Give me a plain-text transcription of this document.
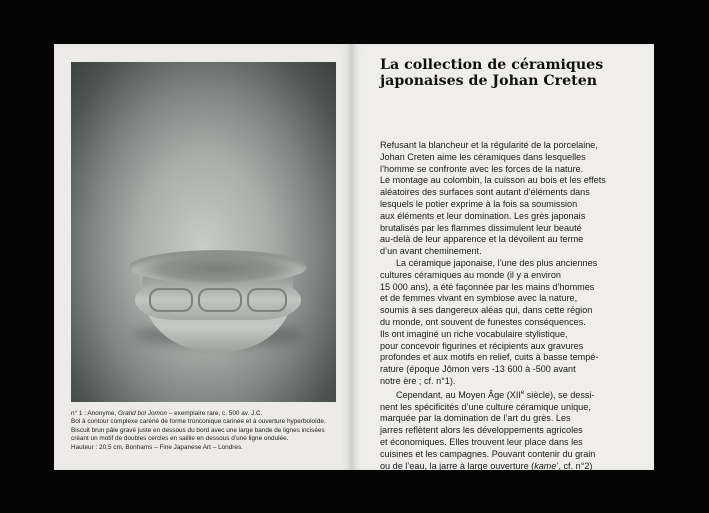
n° 1 : Anonyme, Grand bol Jomon – exemplaire rare, c. 500 av. J.C.

Bol à contour complexe caréné de forme tronconique carinée et à ouverture hyperboloïde.

Biscuit brun pâle gravé juste en dessous du bord avec une large bande de lignes incisées

créant un motif de doubles cercles en saillie en dessous d’une ligne ondulée.

Hauteur : 20,5 cm, Bonhams – Fine Japanese Art – Londres.

La collection de céramiques
japonaises de Johan Creten

Refusant la blancheur et la régularité de la porcelaine,
Johan Creten aime les céramiques dans lesquelles
l’homme se confronte avec les forces de la nature.
Le montage au colombin, la cuisson au bois et les effets
aléatoires des surfaces sont autant d’éléments dans
lesquels le potier exprime à la fois sa soumission
aux éléments et leur domination. Les grès japonais
brutalisés par les flammes dissimulent leur beauté
au-delà de leur apparence et la dévoilent au terme
d’un avant cheminement.

La céramique japonaise, l’une des plus anciennes
cultures céramiques au monde (il y a environ
15 000 ans), a été façonnée par les mains d’hommes
et de femmes vivant en symbiose avec la nature,
soumis à ses dangereux aléas qui, dans cette région
du monde, ont souvent de funestes conséquences.
Ils ont imaginé un riche vocabulaire stylistique,
pour concevoir figurines et récipients aux gravures
profondes et aux motifs en relief, cuits à basse tempé-
rature (époque Jômon vers -13 600 à -500 avant
notre ère ; cf. n°1).

Cependant, au Moyen Âge (XIIe siècle), se dessi-
nent les spécificités d’une culture céramique unique,
marquée par la domination de l’art du grès. Les
jarres reflètent alors les développements agricoles
et économiques. Elles trouvent leur place dans les
cuisines et les campagnes. Pouvant contenir du grain
ou de l’eau, la jarre à large ouverture (kame’, cf. n°2)
